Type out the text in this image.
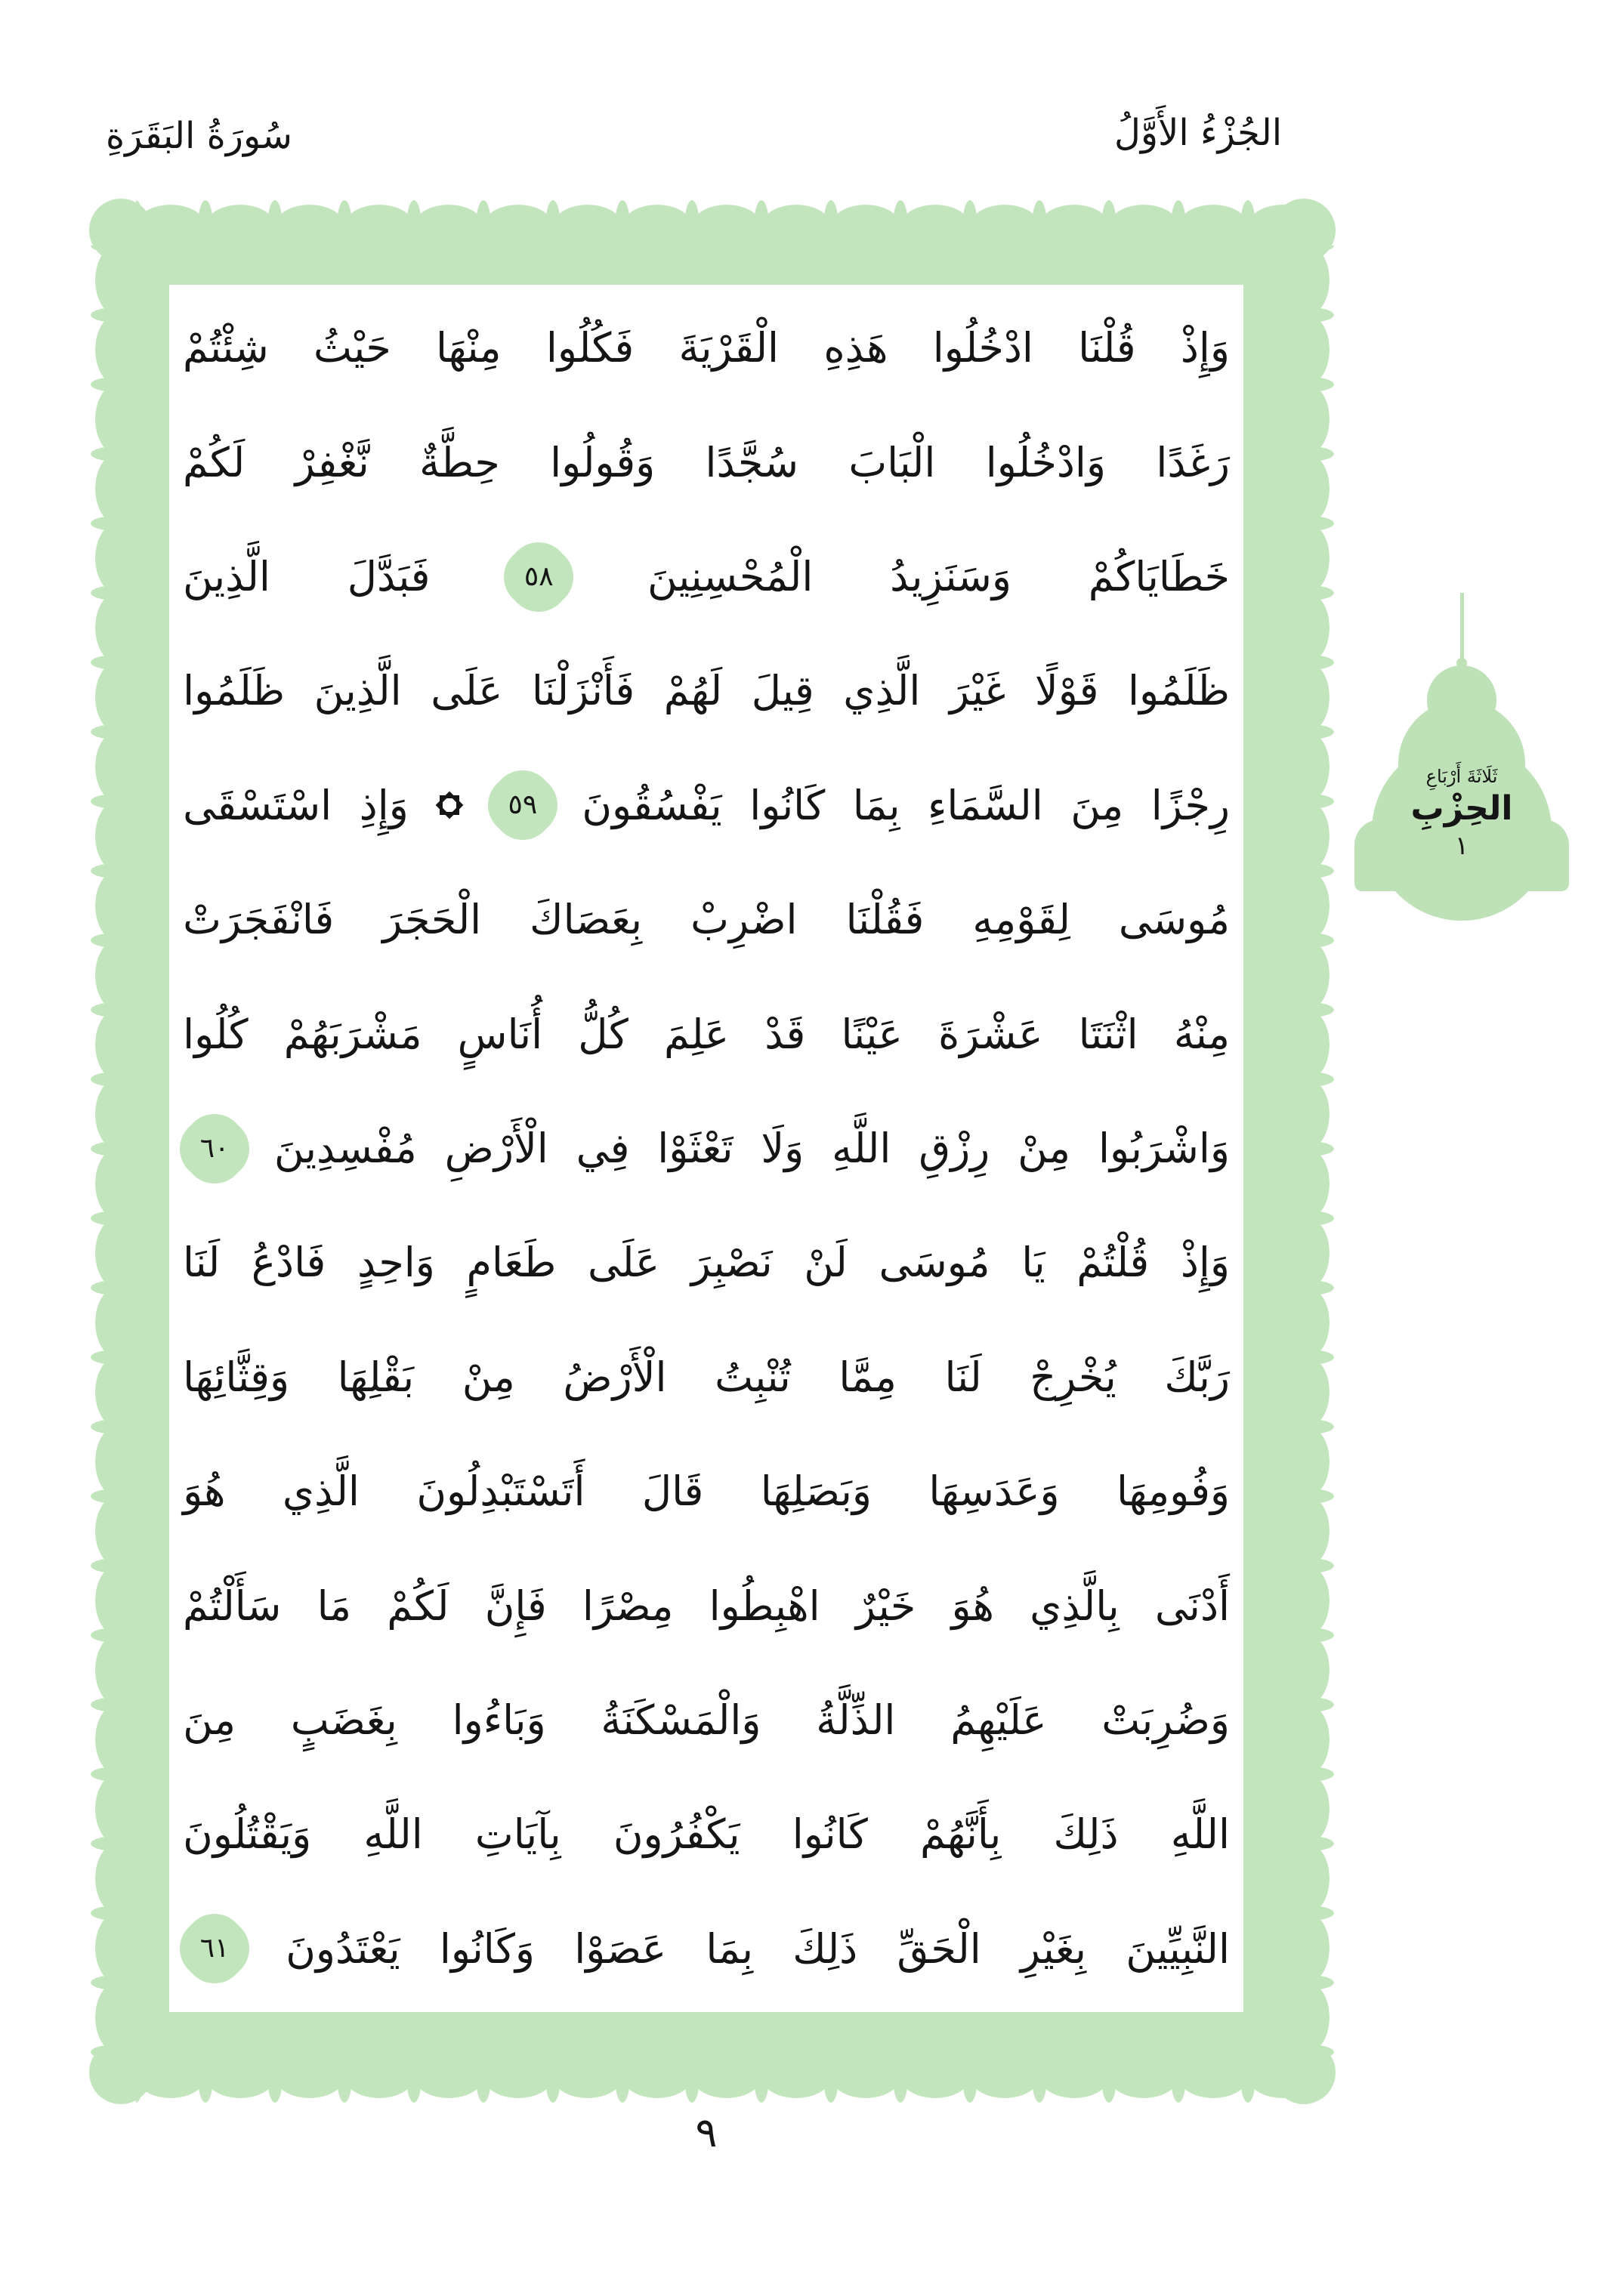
سُورَةُ البَقَرَةِ	الجُزْءُ الأَوَّلُ
وَإِذْ
قُلْنَا
ادْخُلُوا
هَذِهِ
الْقَرْيَةَ
فَكُلُوا
مِنْهَا
حَيْثُ
شِئْتُمْ
رَغَدًا
وَادْخُلُوا
الْبَابَ
سُجَّدًا
وَقُولُوا
حِطَّةٌ
نَّغْفِرْ
لَكُمْ
خَطَايَاكُمْ
وَسَنَزِيدُ
الْمُحْسِنِينَ
٥٨
فَبَدَّلَ
الَّذِينَ
ظَلَمُوا
قَوْلًا
غَيْرَ
الَّذِي
قِيلَ
لَهُمْ
فَأَنْزَلْنَا
عَلَى
الَّذِينَ
ظَلَمُوا
رِجْزًا
مِنَ
السَّمَاءِ
بِمَا
كَانُوا
يَفْسُقُونَ
٥٩
وَإِذِ
اسْتَسْقَى
مُوسَى
لِقَوْمِهِ
فَقُلْنَا
اضْرِبْ
بِعَصَاكَ
الْحَجَرَ
فَانْفَجَرَتْ
مِنْهُ
اثْنَتَا
عَشْرَةَ
عَيْنًا
قَدْ
عَلِمَ
كُلُّ
أُنَاسٍ
مَشْرَبَهُمْ
كُلُوا
وَاشْرَبُوا
مِنْ
رِزْقِ
اللَّهِ
وَلَا
تَعْثَوْا
فِي
الْأَرْضِ
مُفْسِدِينَ
٦٠
وَإِذْ
قُلْتُمْ
يَا
مُوسَى
لَنْ
نَصْبِرَ
عَلَى
طَعَامٍ
وَاحِدٍ
فَادْعُ
لَنَا
رَبَّكَ
يُخْرِجْ
لَنَا
مِمَّا
تُنْبِتُ
الْأَرْضُ
مِنْ
بَقْلِهَا
وَقِثَّائِهَا
وَفُومِهَا
وَعَدَسِهَا
وَبَصَلِهَا
قَالَ
أَتَسْتَبْدِلُونَ
الَّذِي
هُوَ
أَدْنَى
بِالَّذِي
هُوَ
خَيْرٌ
اهْبِطُوا
مِصْرًا
فَإِنَّ
لَكُمْ
مَا
سَأَلْتُمْ
وَضُرِبَتْ
عَلَيْهِمُ
الذِّلَّةُ
وَالْمَسْكَنَةُ
وَبَاءُوا
بِغَضَبٍ
مِنَ
اللَّهِ
ذَلِكَ
بِأَنَّهُمْ
كَانُوا
يَكْفُرُونَ
بِآيَاتِ
اللَّهِ
وَيَقْتُلُونَ
النَّبِيِّينَ
بِغَيْرِ
الْحَقِّ
ذَلِكَ
بِمَا
عَصَوْا
وَكَانُوا
يَعْتَدُونَ
٦١
ثَلَاثَةَ أَرْبَاعِ
الحِزْبِ
١
٩
